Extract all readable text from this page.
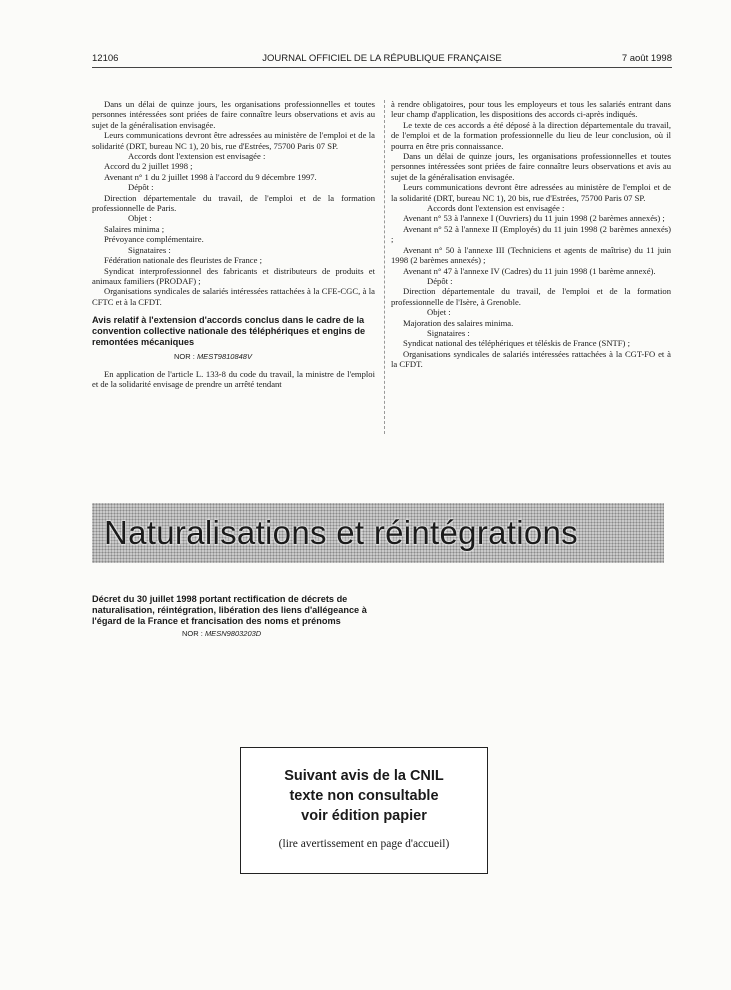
12106	JOURNAL OFFICIEL DE LA RÉPUBLIQUE FRANÇAISE	7 août 1998

Dans un délai de quinze jours, les organisations professionnelles et toutes personnes intéressées sont priées de faire connaître leurs observations et avis au sujet de la généralisation envisagée.

Leurs communications devront être adressées au ministère de l'emploi et de la solidarité (DRT, bureau NC 1), 20 bis, rue d'Estrées, 75700 Paris 07 SP.

Accords dont l'extension est envisagée :

Accord du 2 juillet 1998 ;

Avenant n° 1 du 2 juillet 1998 à l'accord du 9 décembre 1997.

Dépôt :

Direction départementale du travail, de l'emploi et de la formation professionnelle de Paris.

Objet :

Salaires minima ;

Prévoyance complémentaire.

Signataires :

Fédération nationale des fleuristes de France ;

Syndicat interprofessionnel des fabricants et distributeurs de produits et animaux familiers (PRODAF) ;

Organisations syndicales de salariés intéressées rattachées à la CFE-CGC, à la CFTC et à la CFDT.

Avis relatif à l'extension d'accords conclus dans le cadre de la convention collective nationale des téléphériques et engins de remontées mécaniques

NOR : MEST9810848V

En application de l'article L. 133-8 du code du travail, la ministre de l'emploi et de la solidarité envisage de prendre un arrêté tendant

à rendre obligatoires, pour tous les employeurs et tous les salariés entrant dans leur champ d'application, les dispositions des accords ci-après indiqués.

Le texte de ces accords a été déposé à la direction départementale du travail, de l'emploi et de la formation professionnelle du lieu de leur conclusion, où il pourra en être pris connaissance.

Dans un délai de quinze jours, les organisations professionnelles et toutes personnes intéressées sont priées de faire connaître leurs observations et avis au sujet de la généralisation envisagée.

Leurs communications devront être adressées au ministère de l'emploi et de la solidarité (DRT, bureau NC 1), 20 bis, rue d'Estrées, 75700 Paris 07 SP.

Accords dont l'extension est envisagée :

Avenant n° 53 à l'annexe I (Ouvriers) du 11 juin 1998 (2 barèmes annexés) ;

Avenant n° 52 à l'annexe II (Employés) du 11 juin 1998 (2 barèmes annexés) ;

Avenant n° 50 à l'annexe III (Techniciens et agents de maîtrise) du 11 juin 1998 (2 barèmes annexés) ;

Avenant n° 47 à l'annexe IV (Cadres) du 11 juin 1998 (1 barème annexé).

Dépôt :

Direction départementale du travail, de l'emploi et de la formation professionnelle de l'Isère, à Grenoble.

Objet :

Majoration des salaires minima.

Signataires :

Syndicat national des téléphériques et téléskis de France (SNTF) ;

Organisations syndicales de salariés intéressées rattachées à la CGT-FO et à la CFDT.

Naturalisations et réintégrations

Décret du 30 juillet 1998 portant rectification de décrets de naturalisation, réintégration, libération des liens d'allégeance à l'égard de la France et francisation des noms et prénoms

NOR : MESN9803203D

Suivant avis de la CNIL
texte non consultable
voir édition papier
(lire avertissement en page d'accueil)
